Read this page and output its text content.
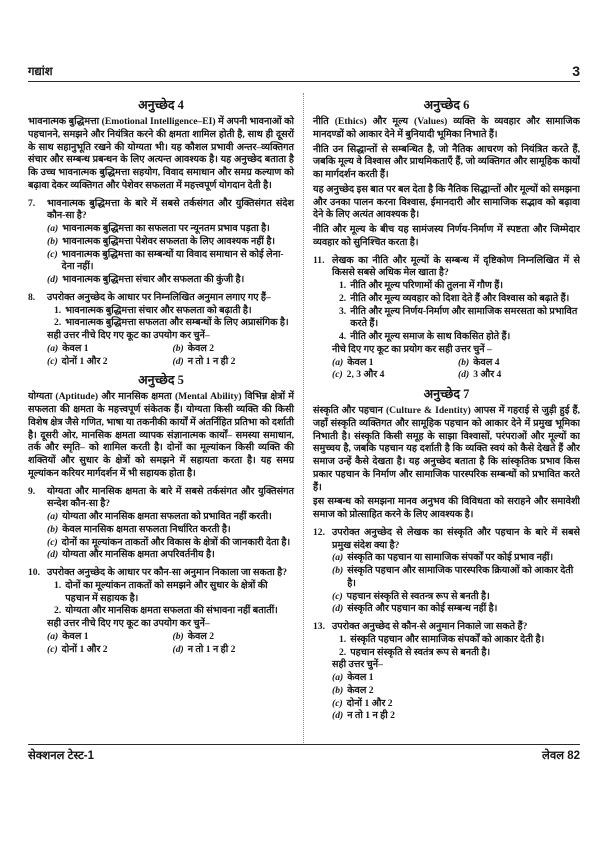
गद्यांश	3
अनुच्छेद 4

भावनात्मक बुद्धिमत्ता (Emotional Intelligence–EI) में अपनी भावनाओं को पहचानने, समझने और नियंत्रित करने की क्षमता शामिल होती है, साथ ही दूसरों के साथ सहानुभूति रखने की योग्यता भी। यह कौशल प्रभावी अन्तर–व्यक्तिगत संचार और सम्बन्ध प्रबन्धन के लिए अत्यन्त आवश्यक है। यह अनुच्छेद बताता है कि उच्च भावनात्मक बुद्धिमत्ता सहयोग, विवाद समाधान और समग्र कल्याण को बढ़ावा देकर व्यक्तिगत और पेशेवर सफलता में महत्त्वपूर्ण योगदान देती है।

7.	भावनात्मक बुद्धिमत्ता के बारे में सबसे तर्कसंगत और युक्तिसंगत संदेश कौन-सा है?
(a) भावनात्मक बुद्धिमत्ता का सफलता पर न्यूनतम प्रभाव पड़ता है।
(b) भावनात्मक बुद्धिमत्ता पेशेवर सफलता के लिए आवश्यक नहीं है।
(c) भावनात्मक बुद्धिमत्ता का सम्बन्धों या विवाद समाधान से कोई लेना-देना नहीं।
(d) भावनात्मक बुद्धिमत्ता संचार और सफलता की कुंजी है।
8.	उपरोक्त अनुच्छेद के आधार पर निम्नलिखित अनुमान लगाए गए हैं–
1. भावनात्मक बुद्धिमत्ता संचार और सफलता को बढ़ाती है।
2. भावनात्मक बुद्धिमत्ता सफलता और सम्बन्धों के लिए अप्रासंगिक है।
सही उत्तर नीचे दिए गए कूट का उपयोग कर चुनें–
(a) केवल 1	(b) केवल 2
(c) दोनों 1 और 2	(d) न तो 1 न ही 2
अनुच्छेद 5

योग्यता (Aptitude) और मानसिक क्षमता (Mental Ability) विभिन्न क्षेत्रों में सफलता की क्षमता के महत्त्वपूर्ण संकेतक हैं। योग्यता किसी व्यक्ति की किसी विशेष क्षेत्र जैसे गणित, भाषा या तकनीकी कार्यों में अंतर्निहित प्रतिभा को दर्शाती है। दूसरी ओर, मानसिक क्षमता व्यापक संज्ञानात्मक कार्यों– समस्या समाधान, तर्क और स्मृति– को शामिल करती है। दोनों का मूल्यांकन किसी व्यक्ति की शक्तियों और सुधार के क्षेत्रों को समझने में सहायता करता है। यह समग्र मूल्यांकन करियर मार्गदर्शन में भी सहायक होता है।

9.	योग्यता और मानसिक क्षमता के बारे में सबसे तर्कसंगत और युक्तिसंगत सन्देश कौन-सा है?
(a) योग्यता और मानसिक क्षमता सफलता को प्रभावित नहीं करती।
(b) केवल मानसिक क्षमता सफलता निर्धारित करती है।
(c) दोनों का मूल्यांकन ताकतों और विकास के क्षेत्रों की जानकारी देता है।
(d) योग्यता और मानसिक क्षमता अपरिवर्तनीय है।
10. उपरोक्त अनुच्छेद के आधार पर कौन-सा अनुमान निकाला जा सकता है?
1. दोनों का मूल्यांकन ताकतों को समझने और सुधार के क्षेत्रों की पहचान में सहायक है।
2. योग्यता और मानसिक क्षमता सफलता की संभावना नहीं बतातीं।
सही उत्तर नीचे दिए गए कूट का उपयोग कर चुनें–
(a) केवल 1	(b) केवल 2
(c) दोनों 1 और 2	(d) न तो 1 न ही 2
अनुच्छेद 6

नीति (Ethics) और मूल्य (Values) व्यक्ति के व्यवहार और सामाजिक मानदण्डों को आकार देने में बुनियादी भूमिका निभाते हैं।

नीति उन सिद्धान्तों से सम्बन्धित है, जो नैतिक आचरण को नियंत्रित करते हैं, जबकि मूल्य वे विश्वास और प्राथमिकताएँ हैं, जो व्यक्तिगत और सामूहिक कार्यों का मार्गदर्शन करती हैं।

यह अनुच्छेद इस बात पर बल देता है कि नैतिक सिद्धान्तों और मूल्यों को समझना और उनका पालन करना विश्वास, ईमानदारी और सामाजिक सद्भाव को बढ़ावा देने के लिए अत्यंत आवश्यक है।

नीति और मूल्य के बीच यह सामंजस्य निर्णय-निर्माण में स्पष्टता और जिम्मेदार व्यवहार को सुनिश्चित करता है।

11. लेखक का नीति और मूल्यों के सम्बन्ध में दृष्टिकोण निम्नलिखित में से किससे सबसे अधिक मेल खाता है?
1. नीति और मूल्य परिणामों की तुलना में गौण हैं।
2. नीति और मूल्य व्यवहार को दिशा देते हैं और विश्वास को बढ़ाते हैं।
3. नीति और मूल्य निर्णय-निर्माण और सामाजिक समरसता को प्रभावित करते हैं।
4. नीति और मूल्य समाज के साथ विकसित होते हैं।
नीचे दिए गए कूट का प्रयोग कर सही उत्तर चुनें –
(a) केवल 1	(b) केवल 4
(c) 2, 3 और 4	(d) 3 और 4
अनुच्छेद 7

संस्कृति और पहचान (Culture & Identity) आपस में गहराई से जुड़ी हुई हैं, जहाँ संस्कृति व्यक्तिगत और सामूहिक पहचान को आकार देने में प्रमुख भूमिका निभाती है। संस्कृति किसी समूह के साझा विश्वासों, परंपराओं और मूल्यों का समुच्चय है, जबकि पहचान यह दर्शाती है कि व्यक्ति स्वयं को कैसे देखते हैं और समाज उन्हें कैसे देखता है। यह अनुच्छेद बताता है कि सांस्कृतिक प्रभाव किस प्रकार पहचान के निर्माण और सामाजिक पारस्परिक सम्बन्धों को प्रभावित करते हैं।

इस सम्बन्ध को समझना मानव अनुभव की विविधता को सराहने और समावेशी समाज को प्रोत्साहित करने के लिए आवश्यक है।

12. उपरोक्त अनुच्छेद से लेखक का संस्कृति और पहचान के बारे में सबसे प्रमुख संदेश क्या है?
(a) संस्कृति का पहचान या सामाजिक संपर्कों पर कोई प्रभाव नहीं।
(b) संस्कृति पहचान और सामाजिक पारस्परिक क्रियाओं को आकार देती है।
(c) पहचान संस्कृति से स्वतन्त्र रूप से बनती है।
(d) संस्कृति और पहचान का कोई सम्बन्ध नहीं है।
13. उपरोक्त अनुच्छेद से कौन-से अनुमान निकाले जा सकते हैं?
1. संस्कृति पहचान और सामाजिक संपर्कों को आकार देती है।
2. पहचान संस्कृति से स्वतंत्र रूप से बनती है।
सही उत्तर चुनें–
(a) केवल 1
(b) केवल 2
(c) दोनों 1 और 2
(d) न तो 1 न ही 2
सेक्शनल टेस्ट-1	लेवल 82
